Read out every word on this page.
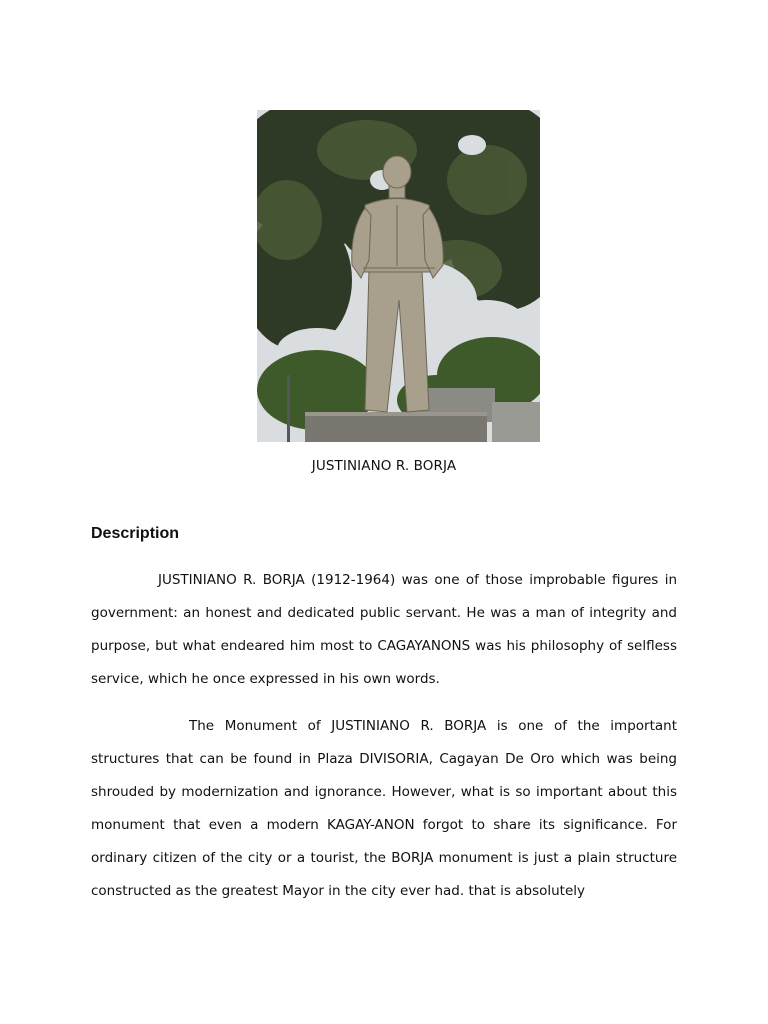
JUSTINIANO R. BORJA
Description

JUSTINIANO R. BORJA (1912-1964) was one of those improbable figures in government: an honest and dedicated public servant. He was a man of integrity and purpose, but what endeared him most to CAGAYANONS was his philosophy of selfless service, which he once expressed in his own words.

The Monument of JUSTINIANO R. BORJA is one of the important structures that can be found in Plaza DIVISORIA, Cagayan De Oro which was being shrouded by modernization and ignorance. However, what is so important about this monument that even a modern KAGAY-ANON forgot to share its significance. For ordinary citizen of the city or a tourist, the BORJA monument is just a plain structure constructed as the greatest Mayor in the city ever had. that is absolutely
